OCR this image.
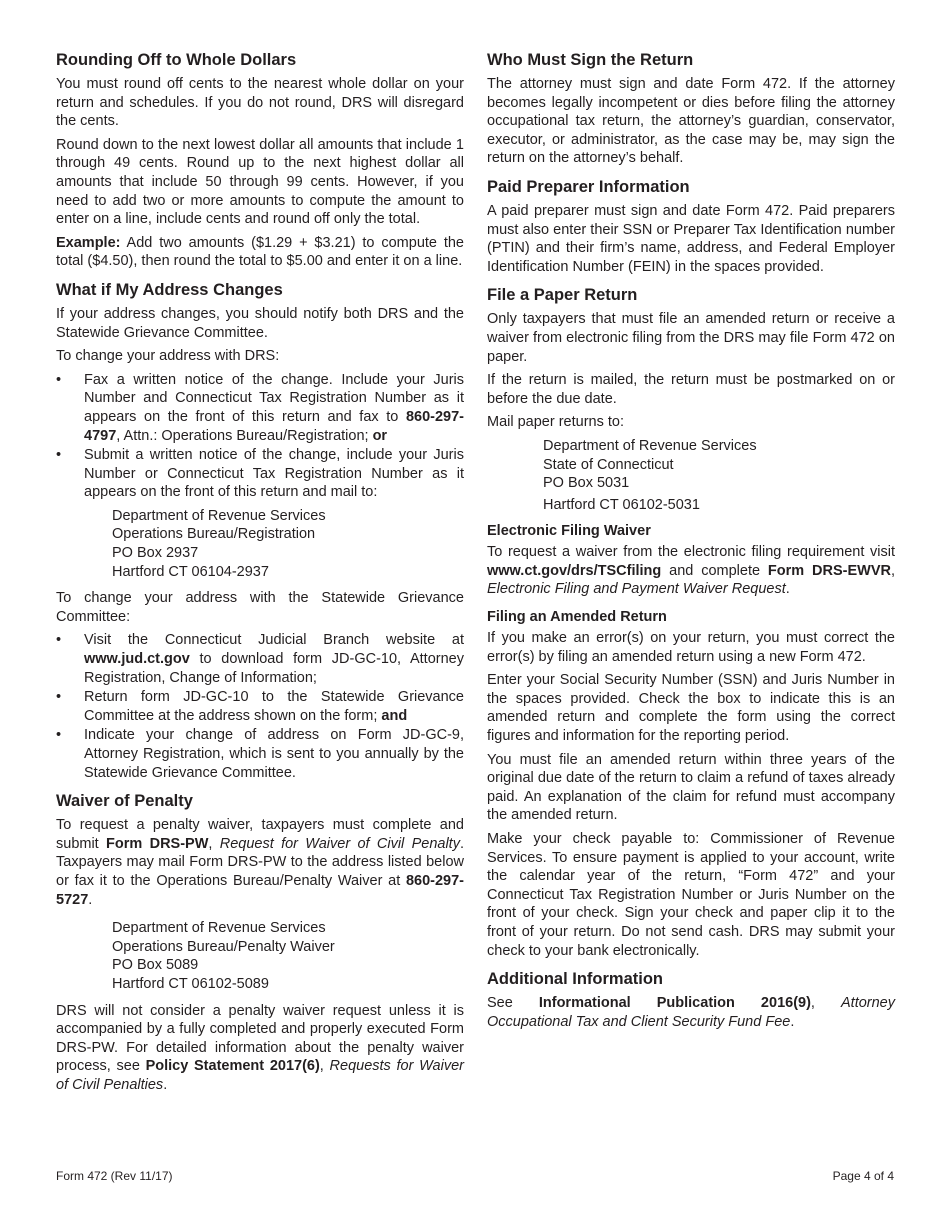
Rounding Off to Whole Dollars

You must round off cents to the nearest whole dollar on your return and schedules. If you do not round, DRS will disregard the cents.

Round down to the next lowest dollar all amounts that include 1 through 49 cents. Round up to the next highest dollar all amounts that include 50 through 99 cents. However, if you need to add two or more amounts to compute the amount to enter on a line, include cents and round off only the total.

Example: Add two amounts ($1.29 + $3.21) to compute the total ($4.50), then round the total to $5.00 and enter it on a line.

What if My Address Changes

If your address changes, you should notify both DRS and the Statewide Grievance Committee.

To change your address with DRS:

• Fax a written notice of the change. Include your Juris Number and Connecticut Tax Registration Number as it appears on the front of this return and fax to 860-297-4797, Attn.: Operations Bureau/Registration; or
• Submit a written notice of the change, include your Juris Number or Connecticut Tax Registration Number as it appears on the front of this return and mail to:
Department of Revenue Services
Operations Bureau/Registration
PO Box 2937
Hartford CT 06104-2937

To change your address with the Statewide Grievance Committee:

• Visit the Connecticut Judicial Branch website at www.jud.ct.gov to download form JD-GC-10, Attorney Registration, Change of Information;
• Return form JD-GC-10 to the Statewide Grievance Committee at the address shown on the form; and
• Indicate your change of address on Form JD-GC-9, Attorney Registration, which is sent to you annually by the Statewide Grievance Committee.
Waiver of Penalty

To request a penalty waiver, taxpayers must complete and submit Form DRS-PW, Request for Waiver of Civil Penalty. Taxpayers may mail Form DRS-PW to the address listed below or fax it to the Operations Bureau/Penalty Waiver at 860-297-5727.

Department of Revenue Services
Operations Bureau/Penalty Waiver
PO Box 5089
Hartford CT 06102-5089

DRS will not consider a penalty waiver request unless it is accompanied by a fully completed and properly executed Form DRS-PW. For detailed information about the penalty waiver process, see Policy Statement 2017(6), Requests for Waiver of Civil Penalties.

Who Must Sign the Return

The attorney must sign and date Form 472. If the attorney becomes legally incompetent or dies before filing the attorney occupational tax return, the attorney’s guardian, conservator, executor, or administrator, as the case may be, may sign the return on the attorney’s behalf.

Paid Preparer Information

A paid preparer must sign and date Form 472. Paid preparers must also enter their SSN or Preparer Tax Identification number (PTIN) and their firm’s name, address, and Federal Employer Identification Number (FEIN) in the spaces provided.

File a Paper Return

Only taxpayers that must file an amended return or receive a waiver from electronic filing from the DRS may file Form 472 on paper.

If the return is mailed, the return must be postmarked on or before the due date.

Mail paper returns to:

Department of Revenue Services
State of Connecticut
PO Box 5031
Hartford CT 06102-5031
Electronic Filing Waiver

To request a waiver from the electronic filing requirement visit www.ct.gov/drs/TSCfiling and complete Form DRS-EWVR, Electronic Filing and Payment Waiver Request.

Filing an Amended Return

If you make an error(s) on your return, you must correct the error(s) by filing an amended return using a new Form 472.

Enter your Social Security Number (SSN) and Juris Number in the spaces provided. Check the box to indicate this is an amended return and complete the form using the correct figures and information for the reporting period.

You must file an amended return within three years of the original due date of the return to claim a refund of taxes already paid. An explanation of the claim for refund must accompany the amended return.

Make your check payable to: Commissioner of Revenue Services. To ensure payment is applied to your account, write the calendar year of the return, “Form 472” and your Connecticut Tax Registration Number or Juris Number on the front of your check. Sign your check and paper clip it to the front of your return. Do not send cash. DRS may submit your check to your bank electronically.

Additional Information

See Informational Publication 2016(9), Attorney Occupational Tax and Client Security Fund Fee.

Form 472 (Rev 11/17)	Page 4 of 4
